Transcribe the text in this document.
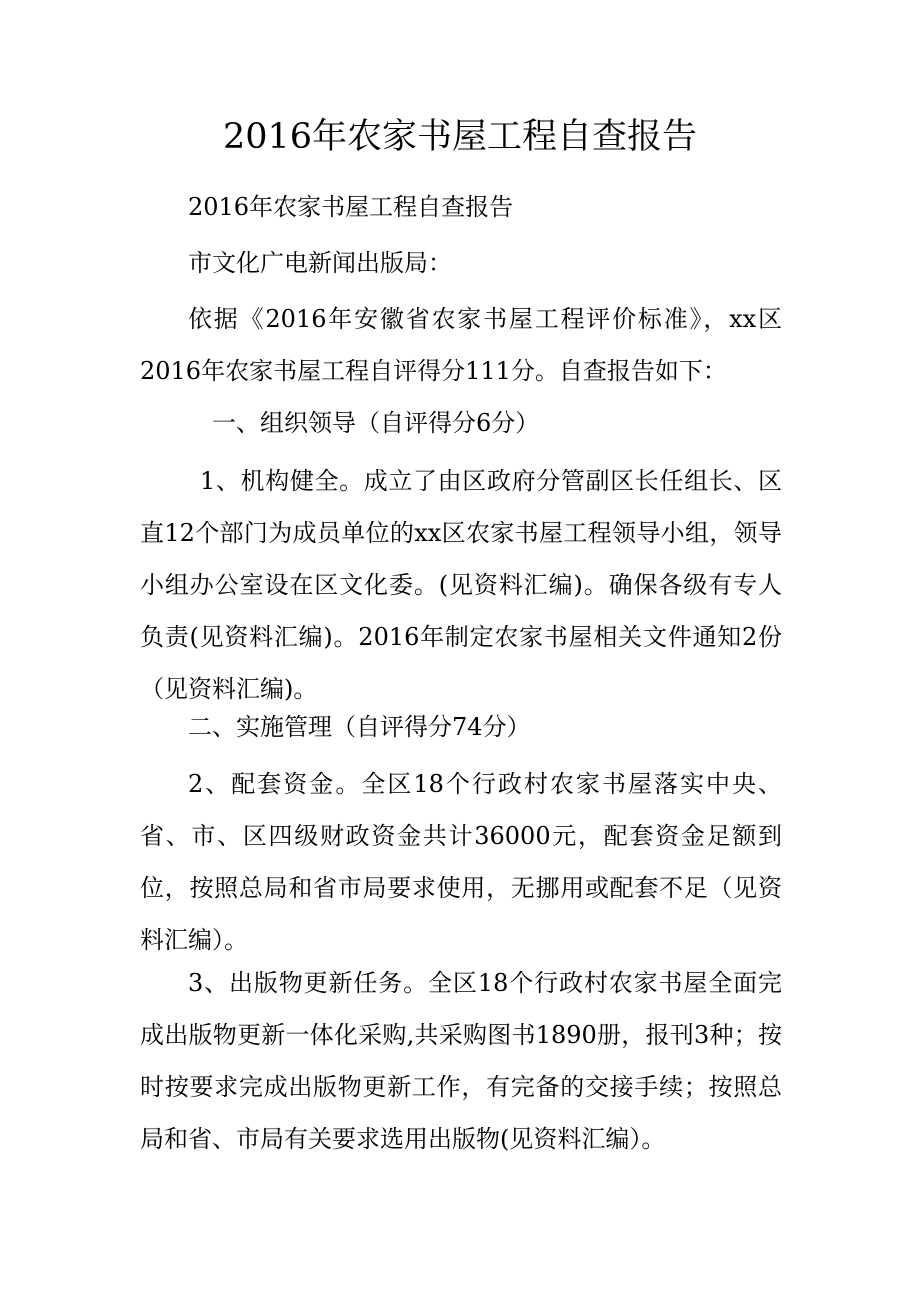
2016年农家书屋工程自查报告

2016年农家书屋工程自查报告

市文化广电新闻出版局：

依据《2016年安徽省农家书屋工程评价标准》，xx区2016年农家书屋工程自评得分111分。自查报告如下：

一、组织领导（自评得分6分）

1、机构健全。成立了由区政府分管副区长任组长、区直12个部门为成员单位的xx区农家书屋工程领导小组，领导小组办公室设在区文化委。(见资料汇编)。确保各级有专人负责(见资料汇编)。2016年制定农家书屋相关文件通知2份（见资料汇编)。

二、实施管理（自评得分74分）

2、配套资金。全区18个行政村农家书屋落实中央、省、市、区四级财政资金共计36000元，配套资金足额到位，按照总局和省市局要求使用，无挪用或配套不足（见资料汇编）。

3、出版物更新任务。全区18个行政村农家书屋全面完成出版物更新一体化采购,共采购图书1890册，报刊3种；按时按要求完成出版物更新工作，有完备的交接手续；按照总局和省、市局有关要求选用出版物(见资料汇编）。
